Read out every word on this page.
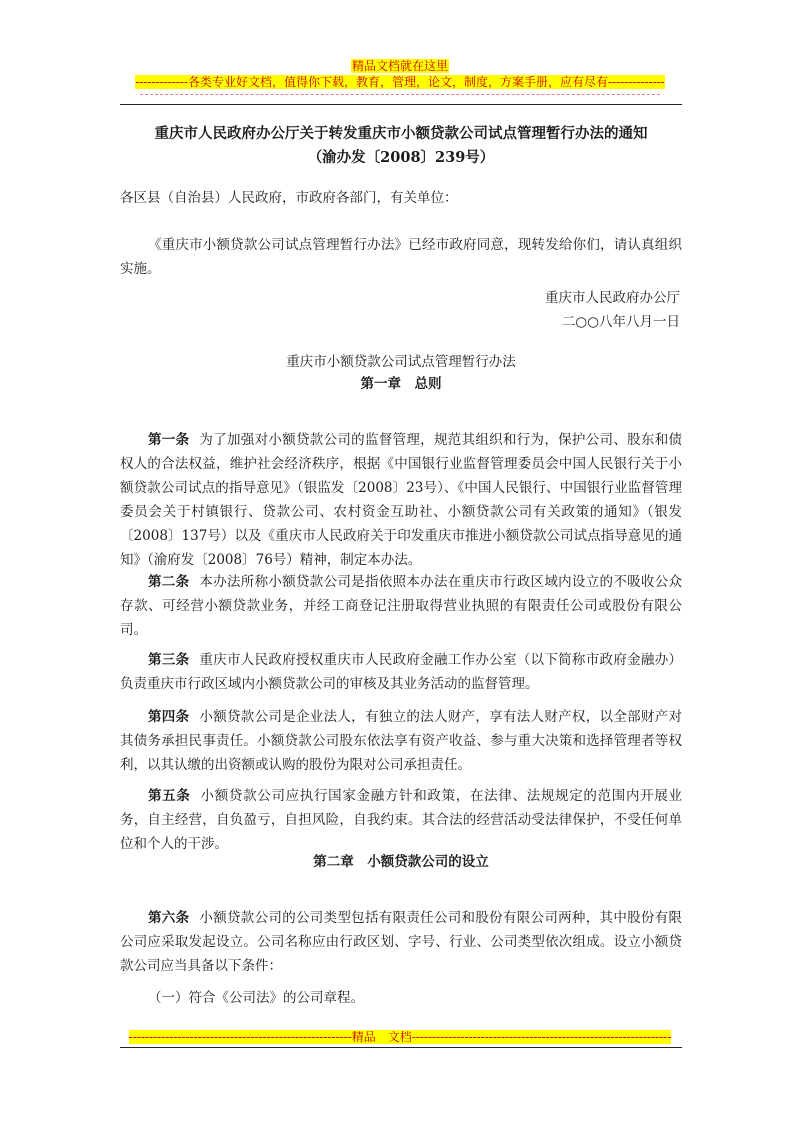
精品文档就在这里
-------------各类专业好文档，值得你下载，教育，管理，论文，制度，方案手册，应有尽有--------------
重庆市人民政府办公厅关于转发重庆市小额贷款公司试点管理暂行办法的通知
（渝办发〔2008〕239号）
各区县（自治县）人民政府，市政府各部门，有关单位：
《重庆市小额贷款公司试点管理暂行办法》已经市政府同意，现转发给你们，请认真组织实施。
重庆市人民政府办公厅
二○○八年八月一日
重庆市小额贷款公司试点管理暂行办法
第一章　总则
第一条 为了加强对小额贷款公司的监督管理，规范其组织和行为，保护公司、股东和债权人的合法权益，维护社会经济秩序，根据《中国银行业监督管理委员会中国人民银行关于小额贷款公司试点的指导意见》（银监发〔2008〕23号）、《中国人民银行、中国银行业监督管理委员会关于村镇银行、贷款公司、农村资金互助社、小额贷款公司有关政策的通知》（银发〔2008〕137号）以及《重庆市人民政府关于印发重庆市推进小额贷款公司试点指导意见的通知》（渝府发〔2008〕76号）精神，制定本办法。
第二条 本办法所称小额贷款公司是指依照本办法在重庆市行政区域内设立的不吸收公众存款、可经营小额贷款业务，并经工商登记注册取得营业执照的有限责任公司或股份有限公司。
第三条 重庆市人民政府授权重庆市人民政府金融工作办公室（以下简称市政府金融办）负责重庆市行政区域内小额贷款公司的审核及其业务活动的监督管理。
第四条 小额贷款公司是企业法人，有独立的法人财产，享有法人财产权，以全部财产对其债务承担民事责任。小额贷款公司股东依法享有资产收益、参与重大决策和选择管理者等权利，以其认缴的出资额或认购的股份为限对公司承担责任。
第五条 小额贷款公司应执行国家金融方针和政策，在法律、法规规定的范围内开展业务，自主经营，自负盈亏，自担风险，自我约束。其合法的经营活动受法律保护，不受任何单位和个人的干涉。
第二章　小额贷款公司的设立
第六条 小额贷款公司的公司类型包括有限责任公司和股份有限公司两种，其中股份有限公司应采取发起设立。公司名称应由行政区划、字号、行业、公司类型依次组成。设立小额贷款公司应当具备以下条件：
（一）符合《公司法》的公司章程。
-------------------------------------------------------精品　文档----------------------------------------------------------------
